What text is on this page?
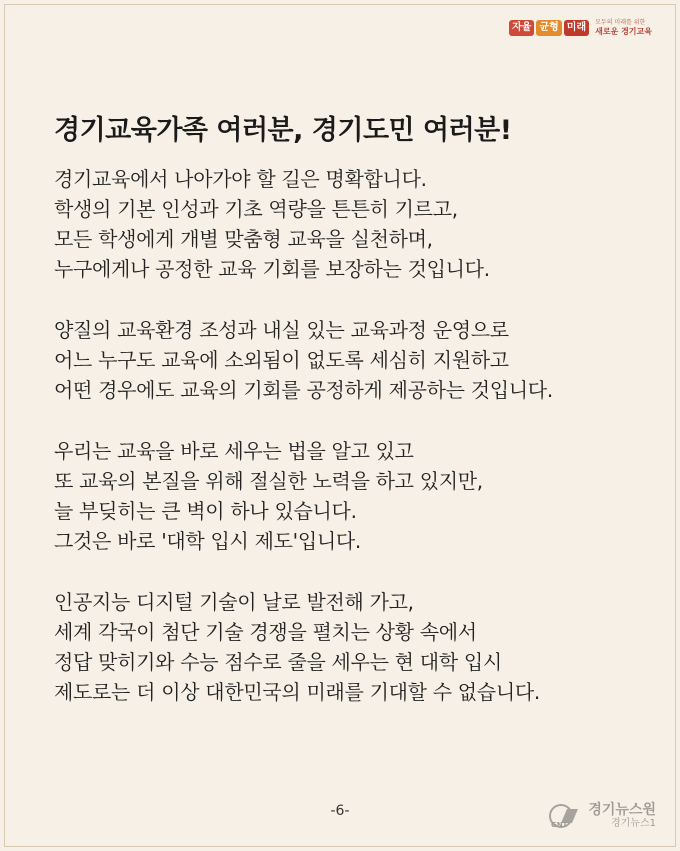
자율 균형 미래	모두의 미래를 위한
새로운 경기교육
경기교육가족 여러분, 경기도민 여러분!
경기교육에서 나아가야 할 길은 명확합니다.
학생의 기본 인성과 기초 역량을 튼튼히 기르고,
모든 학생에게 개별 맞춤형 교육을 실천하며,
누구에게나 공정한 교육 기회를 보장하는 것입니다.
양질의 교육환경 조성과 내실 있는 교육과정 운영으로
어느 누구도 교육에 소외됨이 없도록 세심히 지원하고
어떤 경우에도 교육의 기회를 공정하게 제공하는 것입니다.
우리는 교육을 바로 세우는 법을 알고 있고
또 교육의 본질을 위해 절실한 노력을 하고 있지만,
늘 부딪히는 큰 벽이 하나 있습니다.
그것은 바로 '대학 입시 제도'입니다.
인공지능 디지털 기술이 날로 발전해 가고,
세계 각국이 첨단 기술 경쟁을 펼치는 상황 속에서
정답 맞히기와 수능 점수로 줄을 세우는 현 대학 입시
제도로는 더 이상 대한민국의 미래를 기대할 수 없습니다.
-6-
GNT
경기뉴스원
경기뉴스1
